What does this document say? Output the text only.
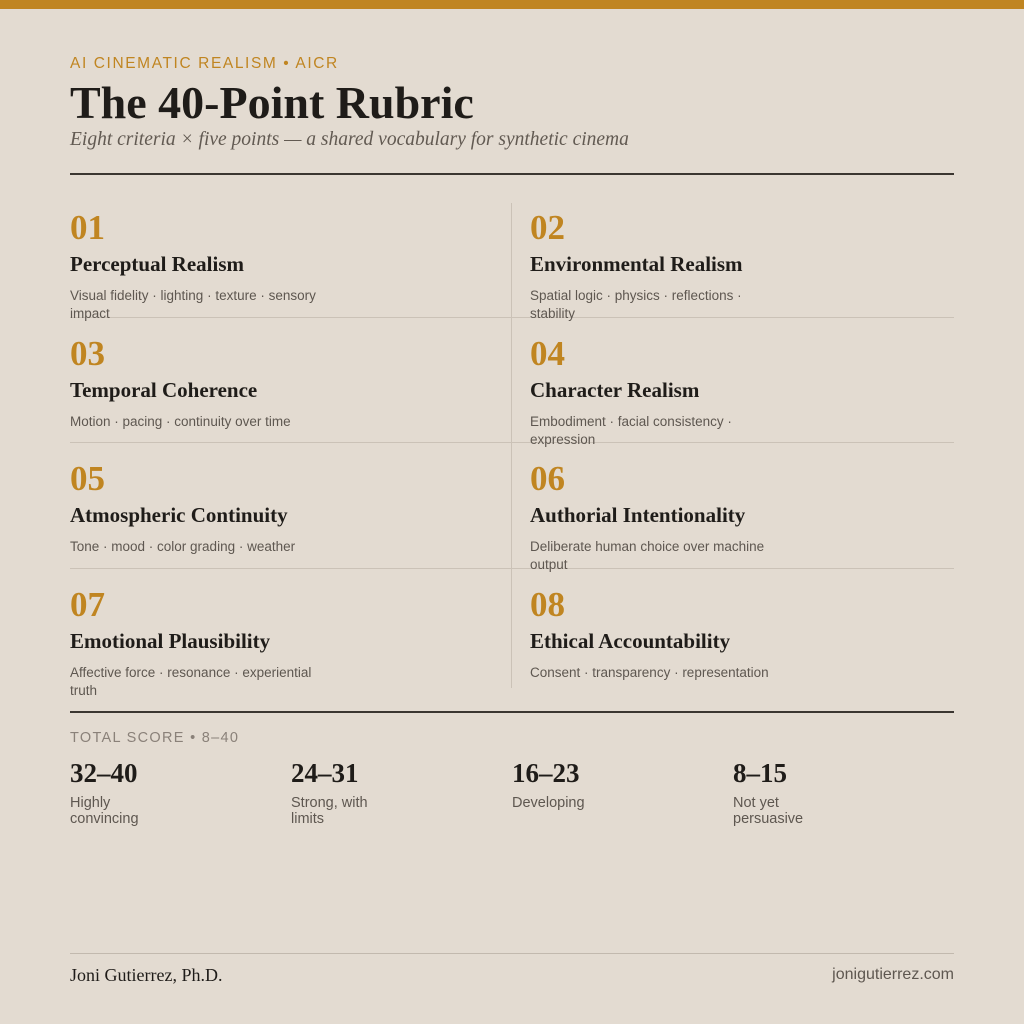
AI CINEMATIC REALISM • AICR
The 40-Point Rubric
Eight criteria × five points — a shared vocabulary for synthetic cinema
01
Perceptual Realism
Visual fidelity · lighting · texture · sensory impact
02
Environmental Realism
Spatial logic · physics · reflections · stability
03
Temporal Coherence
Motion · pacing · continuity over time
04
Character Realism
Embodiment · facial consistency · expression
05
Atmospheric Continuity
Tone · mood · color grading · weather
06
Authorial Intentionality
Deliberate human choice over machine output
07
Emotional Plausibility
Affective force · resonance · experiential truth
08
Ethical Accountability
Consent · transparency · representation
TOTAL SCORE • 8–40
32–40
Highly convincing
24–31
Strong, with limits
16–23
Developing
8–15
Not yet persuasive
Joni Gutierrez, Ph.D.	jonigutierrez.com
